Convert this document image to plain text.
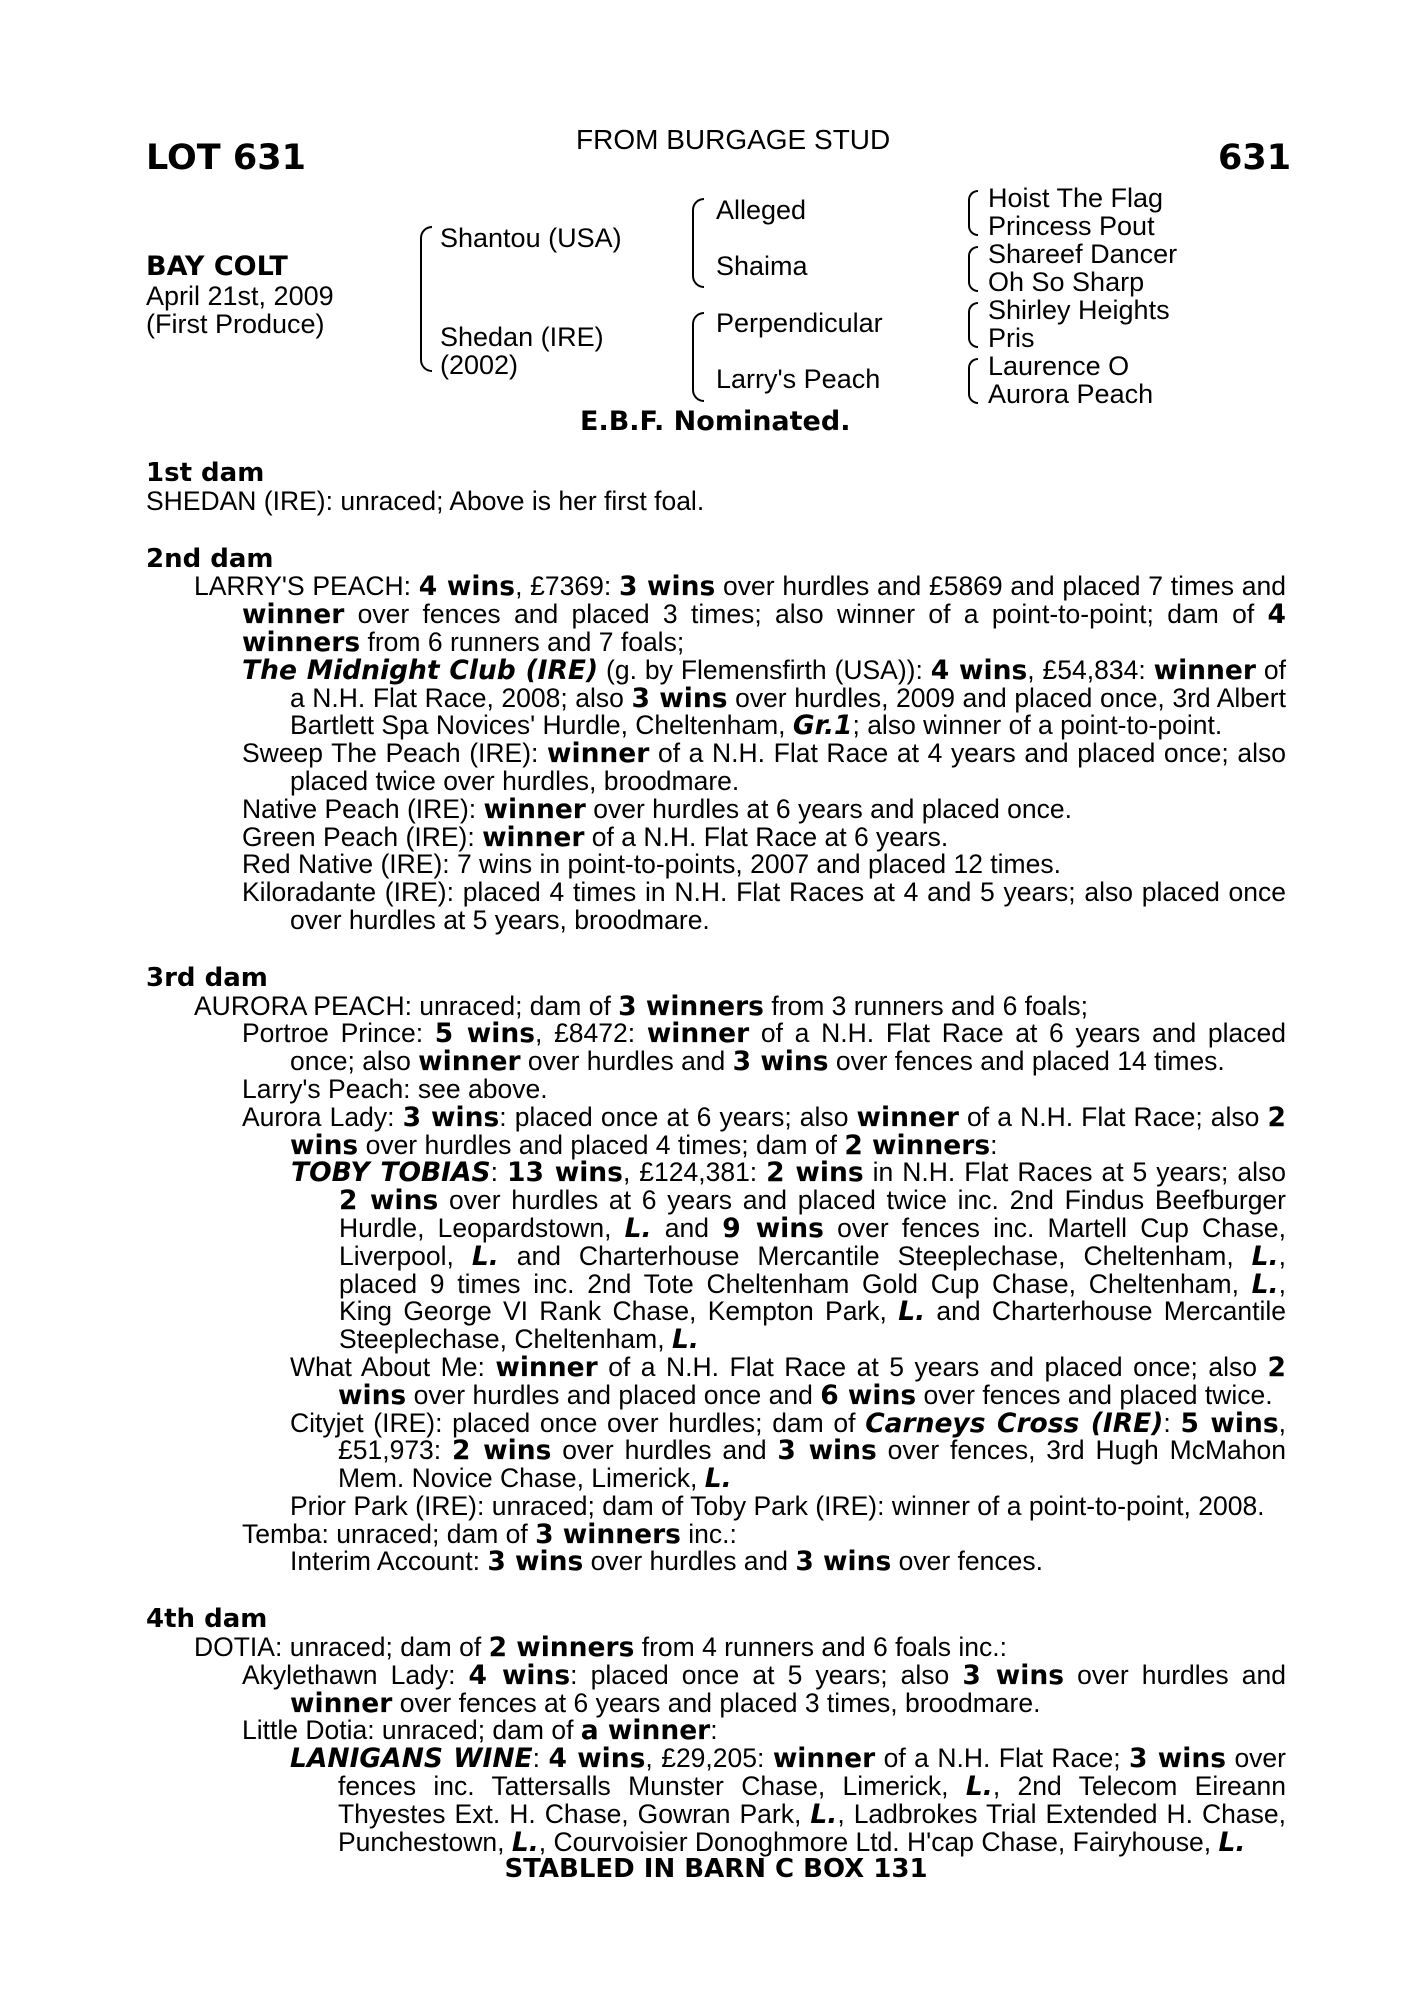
LOT 631	FROM BURGAGE STUD	631
BAY COLT
April 21st, 2009
(First Produce)
Shantou (USA)
Shedan (IRE)
(2002)
Alleged
Shaima
Perpendicular
Larry's Peach
Hoist The Flag
Princess Pout
Shareef Dancer
Oh So Sharp
Shirley Heights
Pris
Laurence O
Aurora Peach
E.B.F. Nominated.
1st dam
SHEDAN (IRE): unraced; Above is her first foal.
2nd dam
LARRY'S PEACH: 4 wins, £7369: 3 wins over hurdles and £5869 and placed 7 times and winner over fences and placed 3 times; also winner of a point-to-point; dam of 4 winners from 6 runners and 7 foals;
The Midnight Club (IRE) (g. by Flemensfirth (USA)): 4 wins, £54,834: winner of a N.H. Flat Race, 2008; also 3 wins over hurdles, 2009 and placed once, 3rd Albert Bartlett Spa Novices' Hurdle, Cheltenham, Gr.1; also winner of a point-to-point.
Sweep The Peach (IRE): winner of a N.H. Flat Race at 4 years and placed once; also placed twice over hurdles, broodmare.
Native Peach (IRE): winner over hurdles at 6 years and placed once.
Green Peach (IRE): winner of a N.H. Flat Race at 6 years.
Red Native (IRE): 7 wins in point-to-points, 2007 and placed 12 times.
Kiloradante (IRE): placed 4 times in N.H. Flat Races at 4 and 5 years; also placed once over hurdles at 5 years, broodmare.
3rd dam
AURORA PEACH: unraced; dam of 3 winners from 3 runners and 6 foals;
Portroe Prince: 5 wins, £8472: winner of a N.H. Flat Race at 6 years and placed once; also winner over hurdles and 3 wins over fences and placed 14 times.
Larry's Peach: see above.
Aurora Lady: 3 wins: placed once at 6 years; also winner of a N.H. Flat Race; also 2 wins over hurdles and placed 4 times; dam of 2 winners:
TOBY TOBIAS: 13 wins, £124,381: 2 wins in N.H. Flat Races at 5 years; also 2 wins over hurdles at 6 years and placed twice inc. 2nd Findus Beefburger Hurdle, Leopardstown, L. and 9 wins over fences inc. Martell Cup Chase, Liverpool, L. and Charterhouse Mercantile Steeplechase, Cheltenham, L., placed 9 times inc. 2nd Tote Cheltenham Gold Cup Chase, Cheltenham, L., King George VI Rank Chase, Kempton Park, L. and Charterhouse Mercantile Steeplechase, Cheltenham, L.
What About Me: winner of a N.H. Flat Race at 5 years and placed once; also 2 wins over hurdles and placed once and 6 wins over fences and placed twice.
Cityjet (IRE): placed once over hurdles; dam of Carneys Cross (IRE): 5 wins, £51,973: 2 wins over hurdles and 3 wins over fences, 3rd Hugh McMahon Mem. Novice Chase, Limerick, L.
Prior Park (IRE): unraced; dam of Toby Park (IRE): winner of a point-to-point, 2008.
Temba: unraced; dam of 3 winners inc.:
Interim Account: 3 wins over hurdles and 3 wins over fences.
4th dam
DOTIA: unraced; dam of 2 winners from 4 runners and 6 foals inc.:
Akylethawn Lady: 4 wins: placed once at 5 years; also 3 wins over hurdles and winner over fences at 6 years and placed 3 times, broodmare.
Little Dotia: unraced; dam of a winner:
LANIGANS WINE: 4 wins, £29,205: winner of a N.H. Flat Race; 3 wins over fences inc. Tattersalls Munster Chase, Limerick, L., 2nd Telecom Eireann Thyestes Ext. H. Chase, Gowran Park, L., Ladbrokes Trial Extended H. Chase, Punchestown, L., Courvoisier Donoghmore Ltd. H'cap Chase, Fairyhouse, L.
STABLED IN BARN C BOX 131
